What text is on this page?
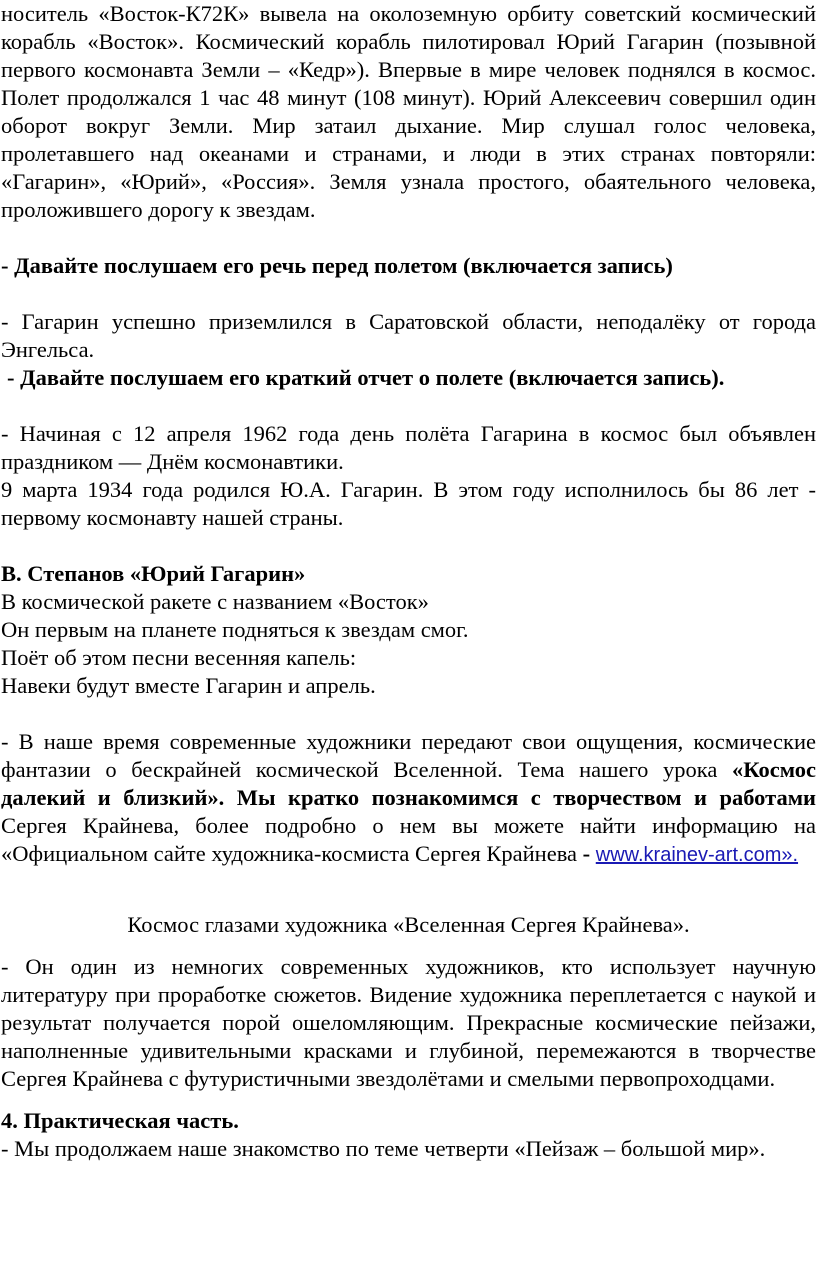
носитель «Восток-К72К» вывела на околоземную орбиту советский космический корабль «Восток». Космический корабль пилотировал Юрий Гагарин (позывной первого космонавта Земли – «Кедр»). Впервые в мире человек поднялся в космос. Полет продолжался 1 час 48 минут (108 минут). Юрий Алексеевич совершил один оборот вокруг Земли. Мир затаил дыхание. Мир слушал голос человека, пролетавшего над океанами и странами, и люди в этих странах повторяли: «Гагарин», «Юрий», «Россия». Земля узнала простого, обаятельного человека, проложившего дорогу к звездам.

- Давайте послушаем его речь перед полетом (включается запись)

- Гагарин успешно приземлился в Саратовской области, неподалёку от города Энгельса.

- Давайте послушаем его краткий отчет о полете (включается запись).

- Начиная с 12 апреля 1962 года день полёта Гагарина в космос был объявлен праздником — Днём космонавтики.

9 марта 1934 года родился Ю.А. Гагарин. В этом году исполнилось бы 86 лет - первому космонавту нашей страны.

В. Степанов «Юрий Гагарин»

В космической ракете с названием «Восток»

Он первым на планете подняться к звездам смог.

Поёт об этом песни весенняя капель:

Навеки будут вместе Гагарин и апрель.

- В наше время современные художники передают свои ощущения, космические фантазии о бескрайней космической Вселенной. Тема нашего урока «Космос далекий и близкий». Мы кратко познакомимся с творчеством и работами Сергея Крайнева, более подробно о нем вы можете найти информацию на «Официальном сайте художника-космиста Сергея Крайнева - www.krainev-art.com».

Космос глазами художника «Вселенная Сергея Крайнева».

- Он один из немногих современных художников, кто использует научную литературу при проработке сюжетов. Видение художника переплетается с наукой и результат получается порой ошеломляющим. Прекрасные космические пейзажи, наполненные удивительными красками и глубиной, перемежаются в творчестве Сергея Крайнева с футуристичными звездолётами и смелыми первопроходцами.

4. Практическая часть.

- Мы продолжаем наше знакомство по теме четверти «Пейзаж – большой мир».
